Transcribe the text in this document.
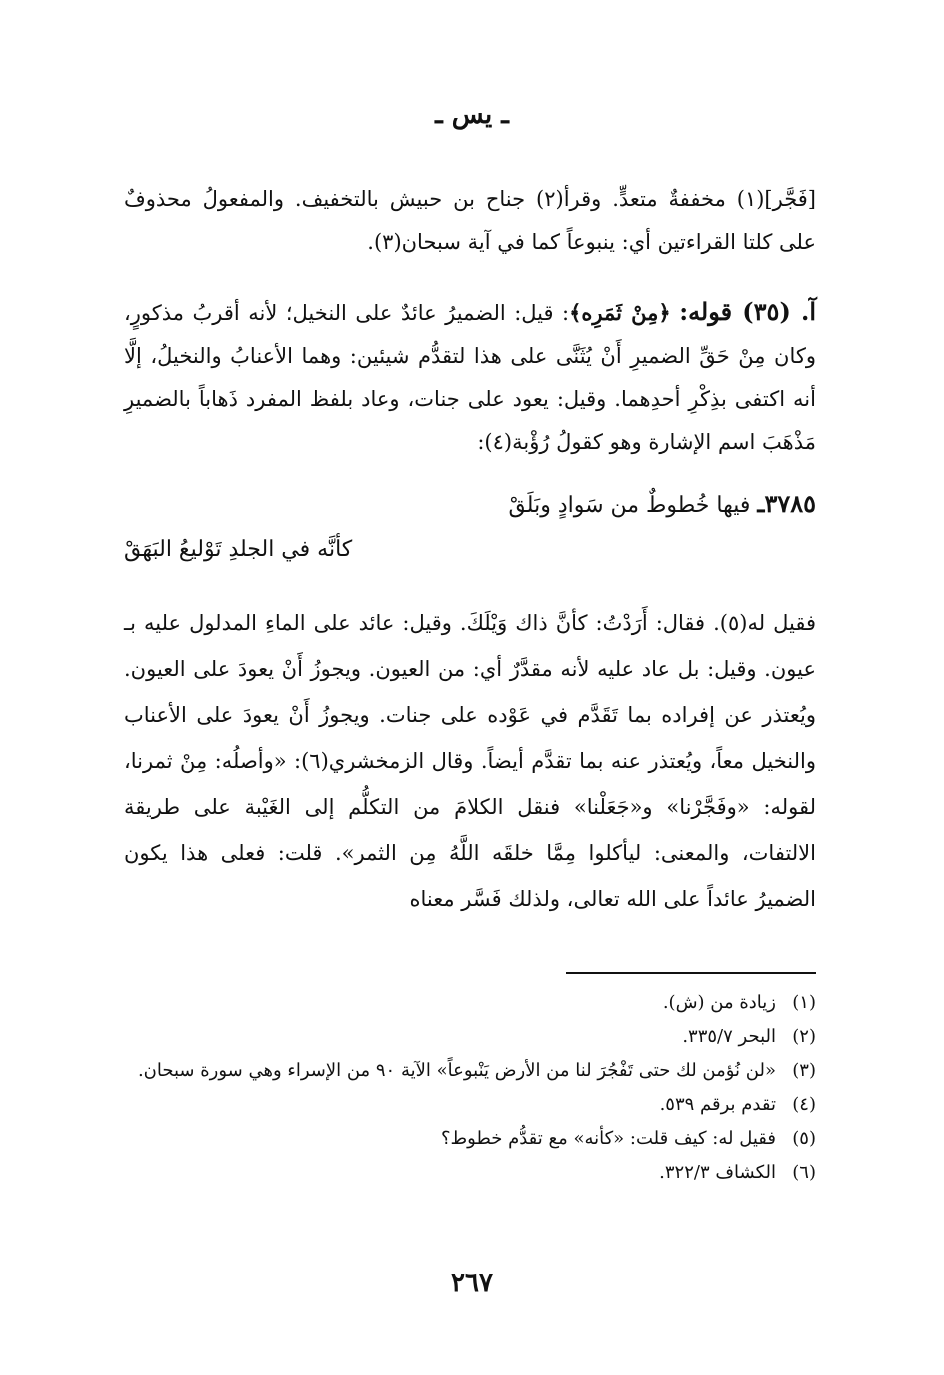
ـ يس ـ

[فَجَّر](١) مخففةٌ متعدٍّ. وقرأ(٢) جناح بن حبيش بالتخفيف. والمفعولُ محذوفٌ على كلتا القراءتين أي: ينبوعاً كما في آية سبحان(٣).

آ. (٣٥) قوله: ﴿مِنْ ثَمَرِه﴾: قيل: الضميرُ عائدٌ على النخيل؛ لأنه أقربُ مذكورٍ، وكان مِنْ حَقِّ الضميرِ أَنْ يُثَنَّى على هذا لتقدُّم شيئين: وهما الأعنابُ والنخيلُ، إلَّا أنه اكتفى بذِكْرِ أحدِهما. وقيل: يعود على جنات، وعاد بلفظ المفرد ذَهاباً بالضميرِ مَذْهَبَ اسم الإشارة وهو كقولُ رُؤْبة(٤):

٣٧٨٥ـ فيها خُطوطٌ من سَوادٍ وبَلَقْ
كأنَّه في الجلدِ تَوْليعُ البَهَقْ

فقيل له(٥). فقال: أَرَدْتُ: كأنَّ ذاك وَيْلَكَ. وقيل: عائد على الماءِ المدلول عليه بـ عيون. وقيل: بل عاد عليه لأنه مقدَّرٌ أي: من العيون. ويجوزُ أَنْ يعودَ على العيون. ويُعتذر عن إفراده بما تَقَدَّم في عَوْده على جنات. ويجوزُ أَنْ يعودَ على الأعناب والنخيل معاً، ويُعتذر عنه بما تقدَّم أيضاً. وقال الزمخشري(٦): «وأصلُه: مِنْ ثمرنا، لقوله: «وفَجَّرْنا» و«جَعَلْنا» فنقل الكلامَ من التكلُّم إلى الغَيْبة على طريقة الالتفات، والمعنى: ليأكلوا مِمَّا خلقَه اللَّهُ مِن الثمر». قلت: فعلى هذا يكون الضميرُ عائداً على الله تعالى، ولذلك فَسَّر معناه

(١)
زيادة من (ش).
(٢)
البحر ٣٣٥/٧.
(٣)
«لن نُؤمن لك حتى تَفْجُرَ لنا من الأرض يَنْبوعاً» الآية ٩٠ من الإسراء وهي سورة سبحان.
(٤)
تقدم برقم ٥٣٩.
(٥)
فقيل له: كيف قلت: «كأنه» مع تقدُّم خطوط؟
(٦)
الكشاف ٣٢٢/٣.
٢٦٧
